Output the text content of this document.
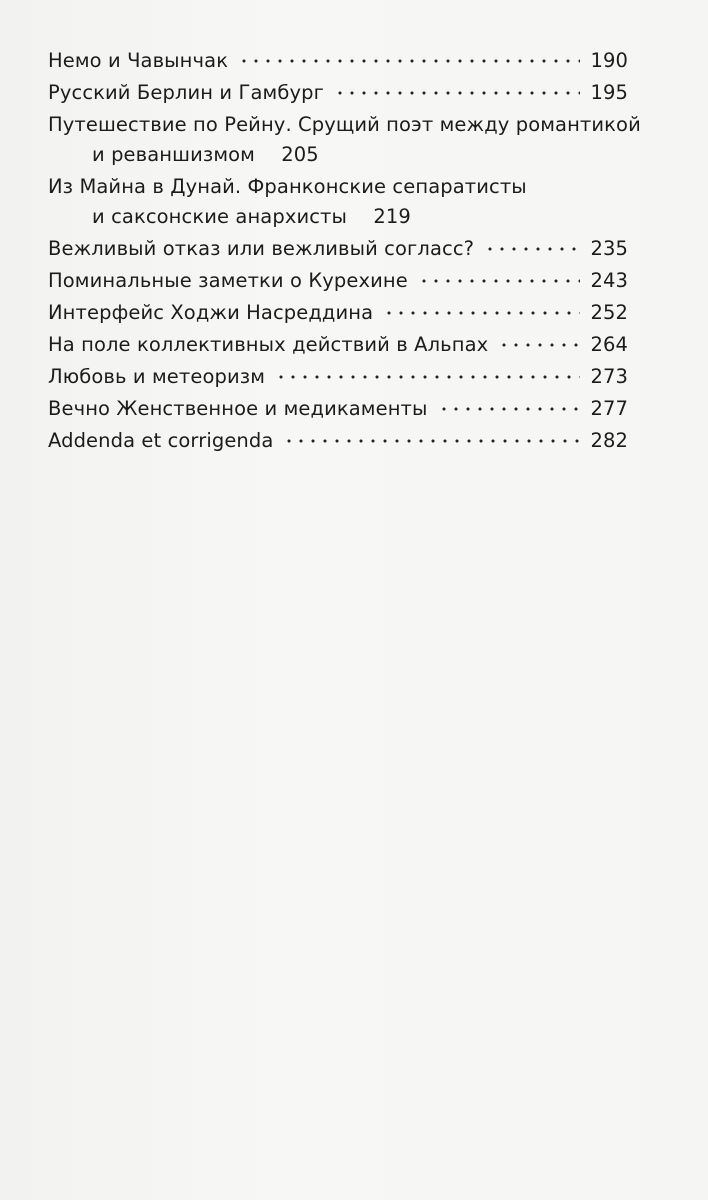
Немо и Чавынчак	190
Русский Берлин и Гамбург	195
Путешествие по Рейну. Срущий поэт между романтикой
и реваншизмом 205
Из Майна в Дунай. Франконские сепаратисты
и саксонские анархисты 219
Вежливый отказ или вежливый согласс?	235
Поминальные заметки о Курехине	243
Интерфейс Ходжи Насреддина	252
На поле коллективных действий в Альпах	264
Любовь и метеоризм	273
Вечно Женственное и медикаменты	277
Addenda et corrigenda	282
